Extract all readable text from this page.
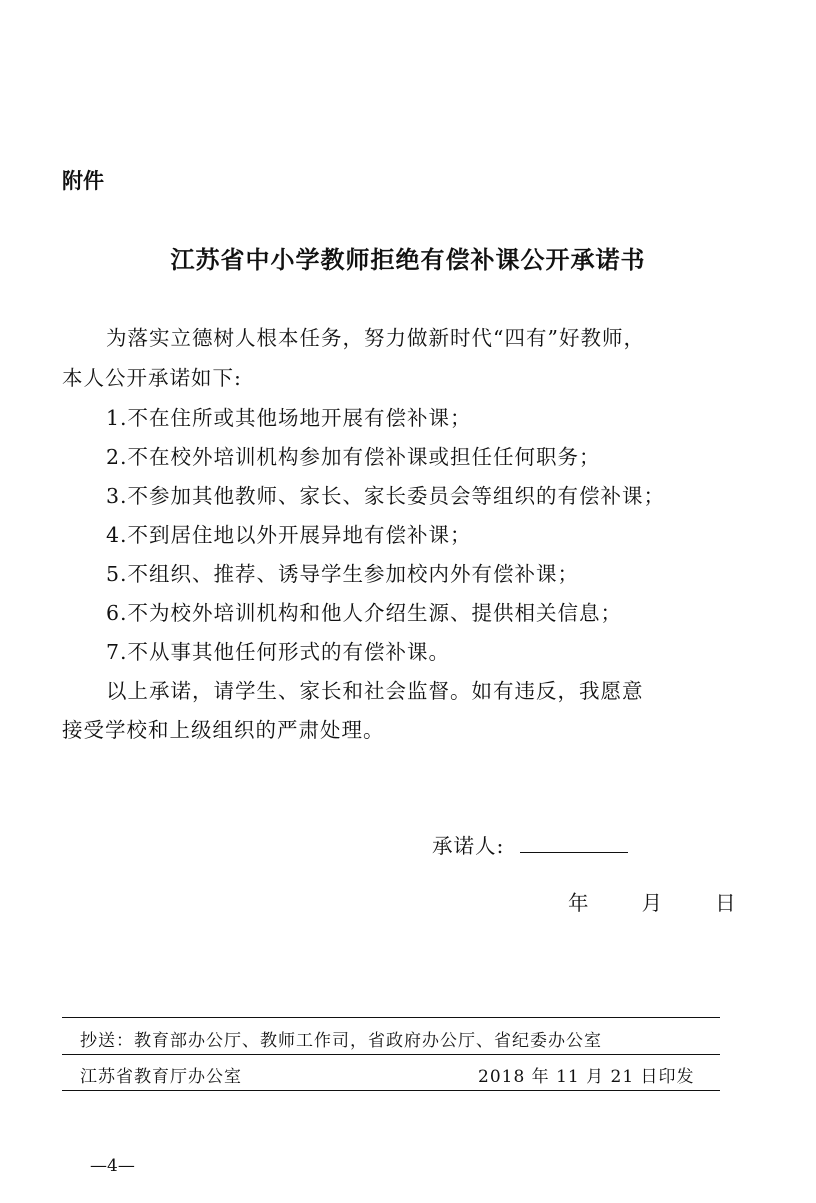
附件
江苏省中小学教师拒绝有偿补课公开承诺书
为落实立德树人根本任务，努力做新时代“四有”好教师，
本人公开承诺如下:
1.不在住所或其他场地开展有偿补课；
2.不在校外培训机构参加有偿补课或担任任何职务；
3.不参加其他教师、家长、家长委员会等组织的有偿补课；
4.不到居住地以外开展异地有偿补课；
5.不组织、推荐、诱导学生参加校内外有偿补课；
6.不为校外培训机构和他人介绍生源、提供相关信息；
7.不从事其他任何形式的有偿补课。
以上承诺，请学生、家长和社会监督。如有违反，我愿意
接受学校和上级组织的严肃处理。
承诺人:
年	月	日
抄送：教育部办公厅、教师工作司，省政府办公厅、省纪委办公室
江苏省教育厅办公室	2018 年 11 月 21 日印发
—4—
